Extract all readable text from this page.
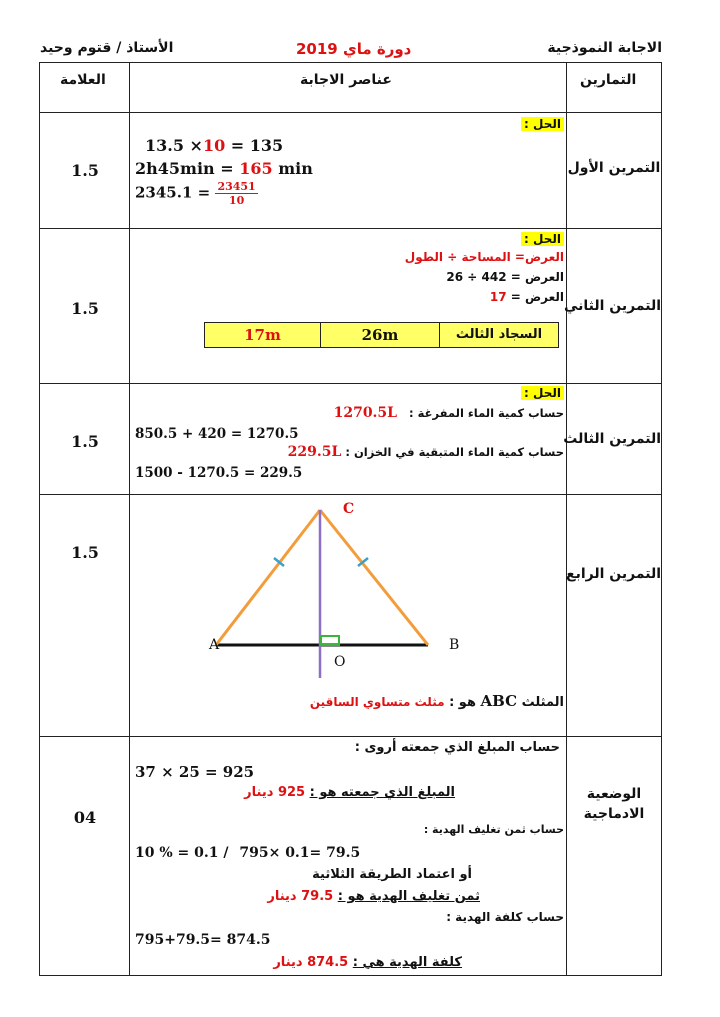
الاجابة النموذجية
دورة ماي 2019
الأستاذ / قتوم وحيد
التمارين
عناصر الاجابة
العلامة
التمرين الأول
1.5
الحل :
13.5 ×10 = 135
2h45min = 165 min
$2345.1 = \frac{23451}{10}$
التمرين الثاني
1.5
الحل :
العرض= المساحة ÷ الطول
العرض = 442 ÷ 26
العرض = 17
السجاد الثالث
26m
17m
التمرين الثالث
1.5
الحل :
حساب كمية الماء المفرغة : 1270.5L
850.5 + 420 = 1270.5
حساب كمية الماء المتبقية في الخزان : 229.5L
1500 - 1270.5 = 229.5
التمرين الرابع
1.5
A	B
C
O
المثلث ABC هو : مثلث متساوي الساقين
الوضعية
الادماجية
04
حساب المبلغ الذي جمعته أروى :
37 × 25 = 925
المبلغ الذي جمعته هو : 925 دينار
حساب ثمن تغليف الهدية :
10 % = 0.1 / 795× 0.1= 79.5
أو اعتماد الطريقة الثلاثية
ثمن تغليف الهدية هو : 79.5 دينار
حساب كلفة الهدية :
795+79.5= 874.5
كلفة الهدية هي : 874.5 دينار
